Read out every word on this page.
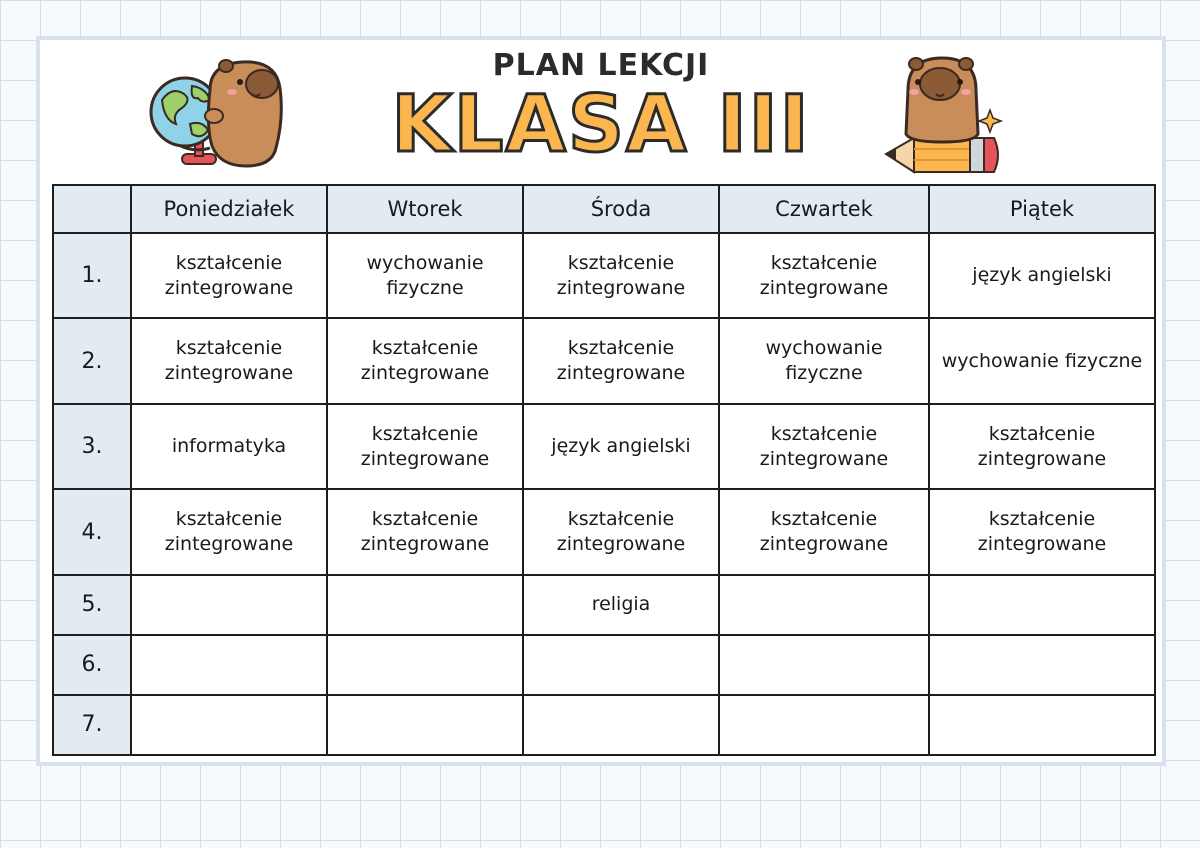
PLAN LEKCJI
KLASA III
	Poniedziałek	Wtorek	Środa	Czwartek	Piątek
1.	kształcenie zintegrowane	wychowanie fizyczne	kształcenie zintegrowane	kształcenie zintegrowane	język angielski
2.	kształcenie zintegrowane	kształcenie zintegrowane	kształcenie zintegrowane	wychowanie fizyczne	wychowanie fizyczne
3.	informatyka	kształcenie zintegrowane	język angielski	kształcenie zintegrowane	kształcenie zintegrowane
4.	kształcenie zintegrowane	kształcenie zintegrowane	kształcenie zintegrowane	kształcenie zintegrowane	kształcenie zintegrowane
5.			religia		
6.					
7.					
